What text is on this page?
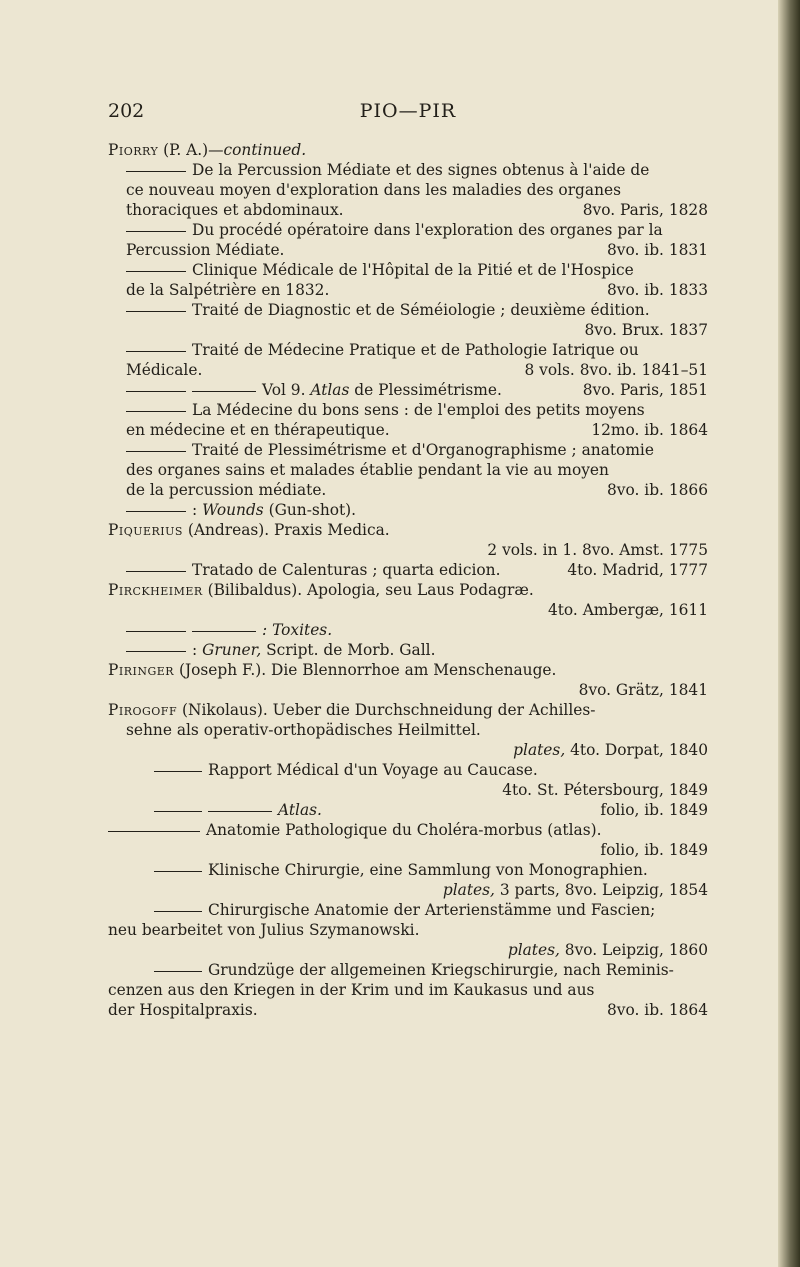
202	PIO—PIR
Piorry (P. A.)—continued.
De la Percussion Médiate et des signes obtenus à l'aide de
ce nouveau moyen d'exploration dans les maladies des organes
thoraciques et abdominaux.	8vo. Paris, 1828
Du procédé opératoire dans l'exploration des organes par la
Percussion Médiate.	8vo. ib. 1831
Clinique Médicale de l'Hôpital de la Pitié et de l'Hospice
de la Salpétrière en 1832.	8vo. ib. 1833
Traité de Diagnostic et de Séméiologie ; deuxième édition.
8vo. Brux. 1837
Traité de Médecine Pratique et de Pathologie Iatrique ou
Médicale.	8 vols. 8vo. ib. 1841–51
Vol 9. Atlas de Plessimétrisme.	8vo. Paris, 1851
La Médecine du bons sens : de l'emploi des petits moyens
en médecine et en thérapeutique.	12mo. ib. 1864
Traité de Plessimétrisme et d'Organographisme ; anatomie
des organes sains et malades établie pendant la vie au moyen
de la percussion médiate.	8vo. ib. 1866
: Wounds (Gun-shot).
Piquerius (Andreas). Praxis Medica.
2 vols. in 1. 8vo. Amst. 1775
Tratado de Calenturas ; quarta edicion.	4to. Madrid, 1777
Pirckheimer (Bilibaldus). Apologia, seu Laus Podagræ.
4to. Ambergæ, 1611
: Toxites.
: Gruner, Script. de Morb. Gall.
Piringer (Joseph F.). Die Blennorrhoe am Menschenauge.
8vo. Grätz, 1841
Pirogoff (Nikolaus). Ueber die Durchschneidung der Achilles-
sehne als operativ-orthopädisches Heilmittel.
plates, 4to. Dorpat, 1840
Rapport Médical d'un Voyage au Caucase.
4to. St. Pétersbourg, 1849
Atlas.	folio, ib. 1849
Anatomie Pathologique du Choléra-morbus (atlas).
folio, ib. 1849
Klinische Chirurgie, eine Sammlung von Monographien.
plates, 3 parts, 8vo. Leipzig, 1854
Chirurgische Anatomie der Arterienstämme und Fascien;
neu bearbeitet von Julius Szymanowski.
plates, 8vo. Leipzig, 1860
Grundzüge der allgemeinen Kriegschirurgie, nach Reminis-
cenzen aus den Kriegen in der Krim und im Kaukasus und aus
der Hospitalpraxis.	8vo. ib. 1864
